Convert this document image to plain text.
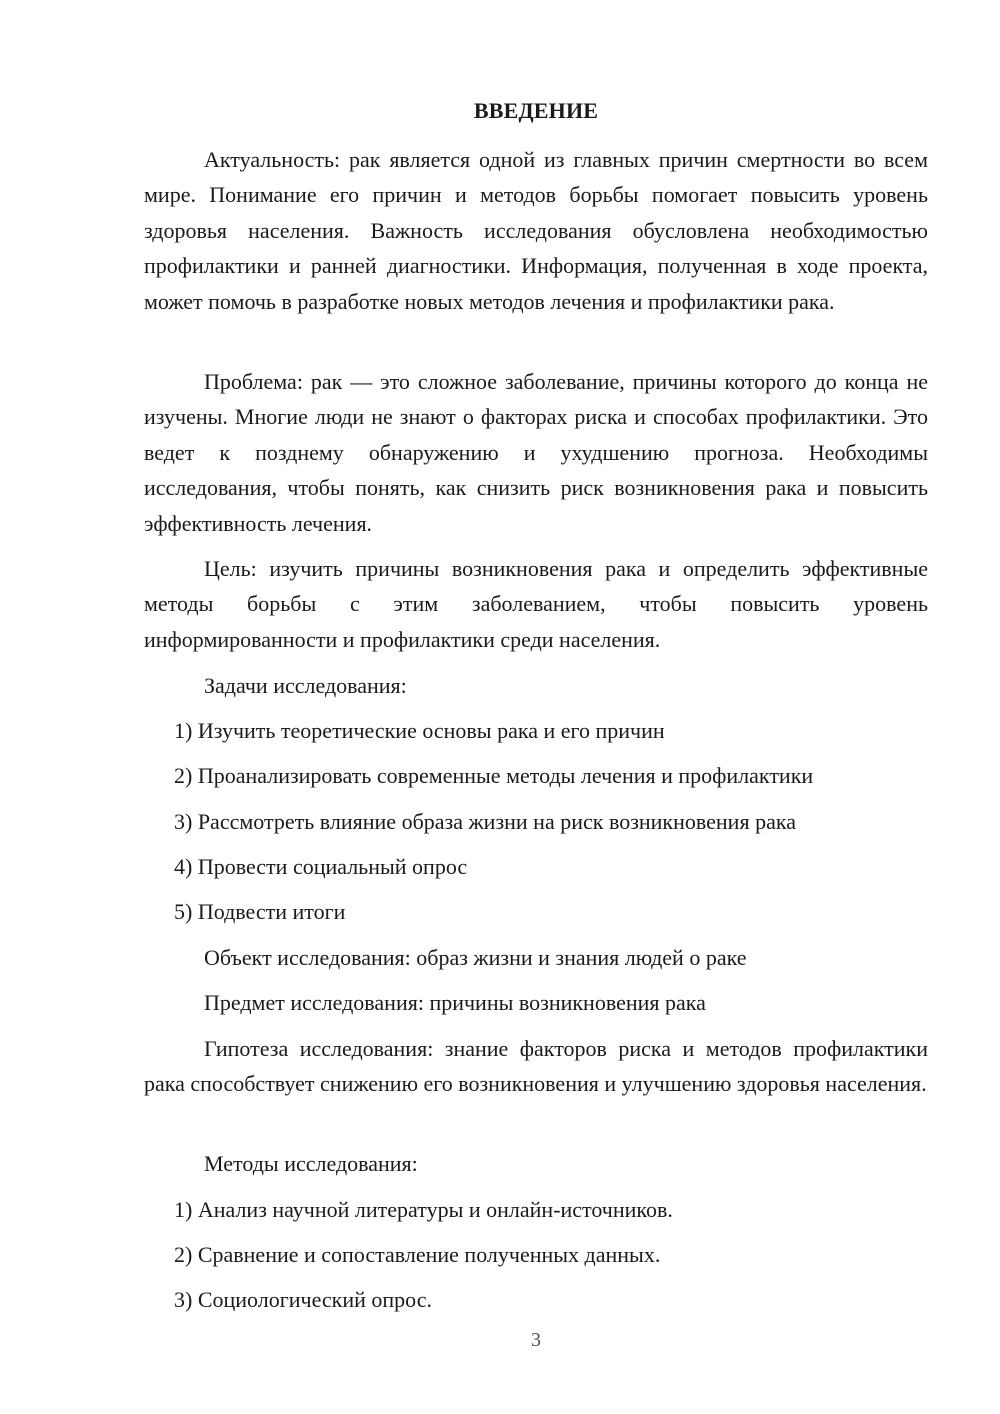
ВВЕДЕНИЕ

Актуальность: рак является одной из главных причин смертности во всем мире. Понимание его причин и методов борьбы помогает повысить уровень здоровья населения. Важность исследования обусловлена необходимостью профилактики и ранней диагностики. Информация, полученная в ходе проекта, может помочь в разработке новых методов лечения и профилактики рака.

Проблема: рак — это сложное заболевание, причины которого до конца не изучены. Многие люди не знают о факторах риска и способах профилактики. Это ведет к позднему обнаружению и ухудшению прогноза. Необходимы исследования, чтобы понять, как снизить риск возникновения рака и повысить эффективность лечения.

Цель: изучить причины возникновения рака и определить эффективные методы борьбы с этим заболеванием, чтобы повысить уровень информированности и профилактики среди населения.

Задачи исследования:
1) Изучить теоретические основы рака и его причин
2) Проанализировать современные методы лечения и профилактики
3) Рассмотреть влияние образа жизни на риск возникновения рака
4) Провести социальный опрос
5) Подвести итоги
Объект исследования: образ жизни и знания людей о раке
Предмет исследования: причины возникновения рака

Гипотеза исследования: знание факторов риска и методов профилактики рака способствует снижению его возникновения и улучшению здоровья населения.

Методы исследования:
1) Анализ научной литературы и онлайн-источников.
2) Сравнение и сопоставление полученных данных.
3) Социологический опрос.
3
